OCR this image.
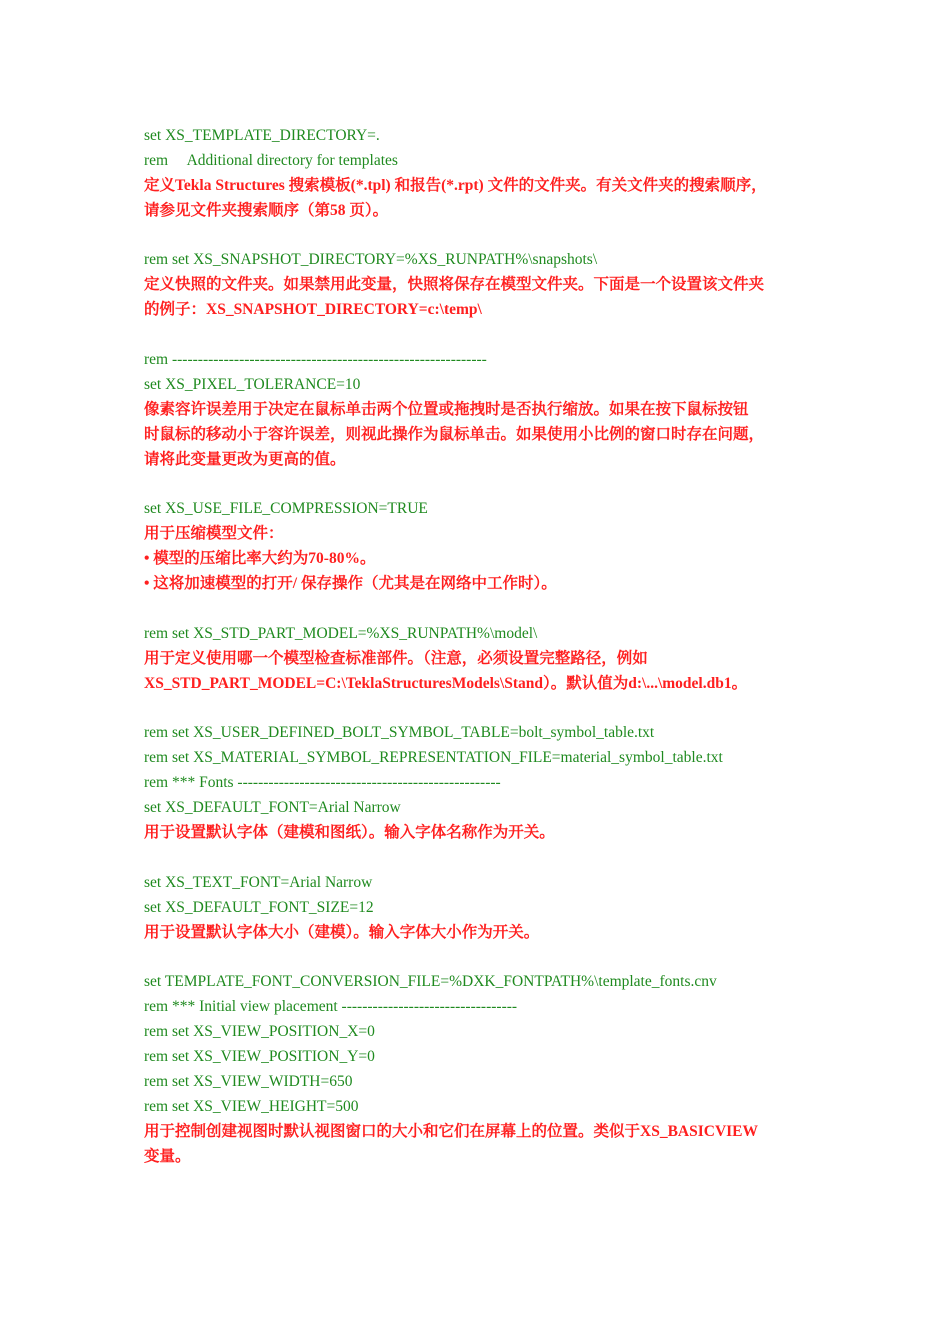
set XS_TEMPLATE_DIRECTORY=.
rem     Additional directory for templates
定义Tekla Structures 搜索模板(*.tpl) 和报告(*.rpt) 文件的文件夹。有关文件夹的搜索顺序，
请参见文件夹搜索顺序（第58 页）。
rem set XS_SNAPSHOT_DIRECTORY=%XS_RUNPATH%\snapshots\
定义快照的文件夹。如果禁用此变量，快照将保存在模型文件夹。下面是一个设置该文件夹
的例子：XS_SNAPSHOT_DIRECTORY=c:\temp\
rem -------------------------------------------------------------
set XS_PIXEL_TOLERANCE=10
像素容许误差用于决定在鼠标单击两个位置或拖拽时是否执行缩放。如果在按下鼠标按钮
时鼠标的移动小于容许误差，则视此操作为鼠标单击。如果使用小比例的窗口时存在问题，
请将此变量更改为更高的值。
set XS_USE_FILE_COMPRESSION=TRUE
用于压缩模型文件：
• 模型的压缩比率大约为70-80%。
• 这将加速模型的打开/ 保存操作（尤其是在网络中工作时）。
rem set XS_STD_PART_MODEL=%XS_RUNPATH%\model\
用于定义使用哪一个模型检查标准部件。（注意，必须设置完整路径，例如
XS_STD_PART_MODEL=C:\TeklaStructuresModels\Stand）。默认值为d:\...\model.db1。
rem set XS_USER_DEFINED_BOLT_SYMBOL_TABLE=bolt_symbol_table.txt
rem set XS_MATERIAL_SYMBOL_REPRESENTATION_FILE=material_symbol_table.txt
rem *** Fonts ---------------------------------------------------
set XS_DEFAULT_FONT=Arial Narrow
用于设置默认字体（建模和图纸）。输入字体名称作为开关。
set XS_TEXT_FONT=Arial Narrow
set XS_DEFAULT_FONT_SIZE=12
用于设置默认字体大小（建模）。输入字体大小作为开关。
set TEMPLATE_FONT_CONVERSION_FILE=%DXK_FONTPATH%\template_fonts.cnv
rem *** Initial view placement ----------------------------------
rem set XS_VIEW_POSITION_X=0
rem set XS_VIEW_POSITION_Y=0
rem set XS_VIEW_WIDTH=650
rem set XS_VIEW_HEIGHT=500
用于控制创建视图时默认视图窗口的大小和它们在屏幕上的位置。类似于XS_BASICVIEW
变量。
